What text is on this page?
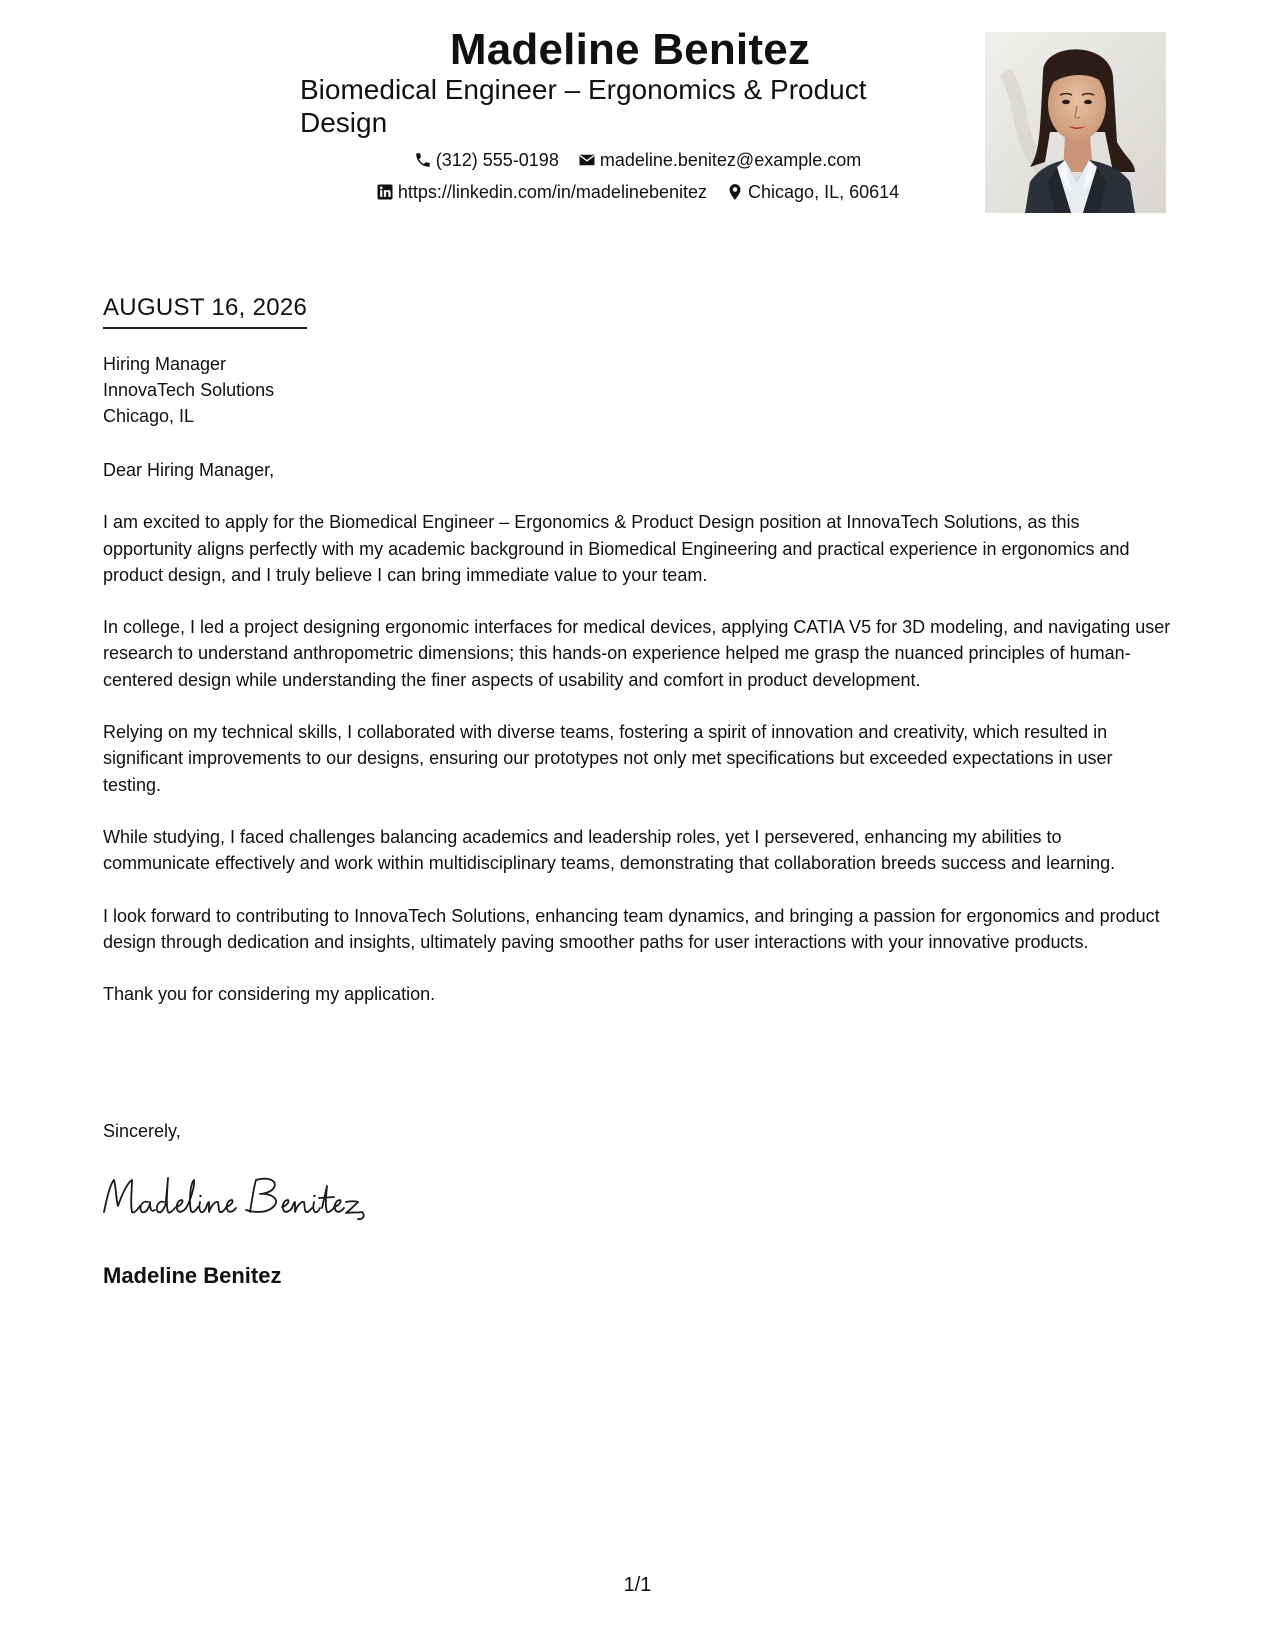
Madeline Benitez
Biomedical Engineer – Ergonomics & Product Design
(312) 555-0198
madeline.benitez@example.com
https://linkedin.com/in/madelinebenitez
Chicago, IL, 60614
AUGUST 16, 2026
Hiring Manager
InnovaTech Solutions
Chicago, IL

Dear Hiring Manager,

I am excited to apply for the Biomedical Engineer – Ergonomics & Product Design position at InnovaTech Solutions, as this opportunity aligns perfectly with my academic background in Biomedical Engineering and practical experience in ergonomics and product design, and I truly believe I can bring immediate value to your team.

In college, I led a project designing ergonomic interfaces for medical devices, applying CATIA V5 for 3D modeling, and navigating user research to understand anthropometric dimensions; this hands-on experience helped me grasp the nuanced principles of human-centered design while understanding the finer aspects of usability and comfort in product development.

Relying on my technical skills, I collaborated with diverse teams, fostering a spirit of innovation and creativity, which resulted in significant improvements to our designs, ensuring our prototypes not only met specifications but exceeded expectations in user testing.

While studying, I faced challenges balancing academics and leadership roles, yet I persevered, enhancing my abilities to communicate effectively and work within multidisciplinary teams, demonstrating that collaboration breeds success and learning.

I look forward to contributing to InnovaTech Solutions, enhancing team dynamics, and bringing a passion for ergonomics and product design through dedication and insights, ultimately paving smoother paths for user interactions with your innovative products.

Thank you for considering my application.

Sincerely,
Madeline Benitez
1/1
